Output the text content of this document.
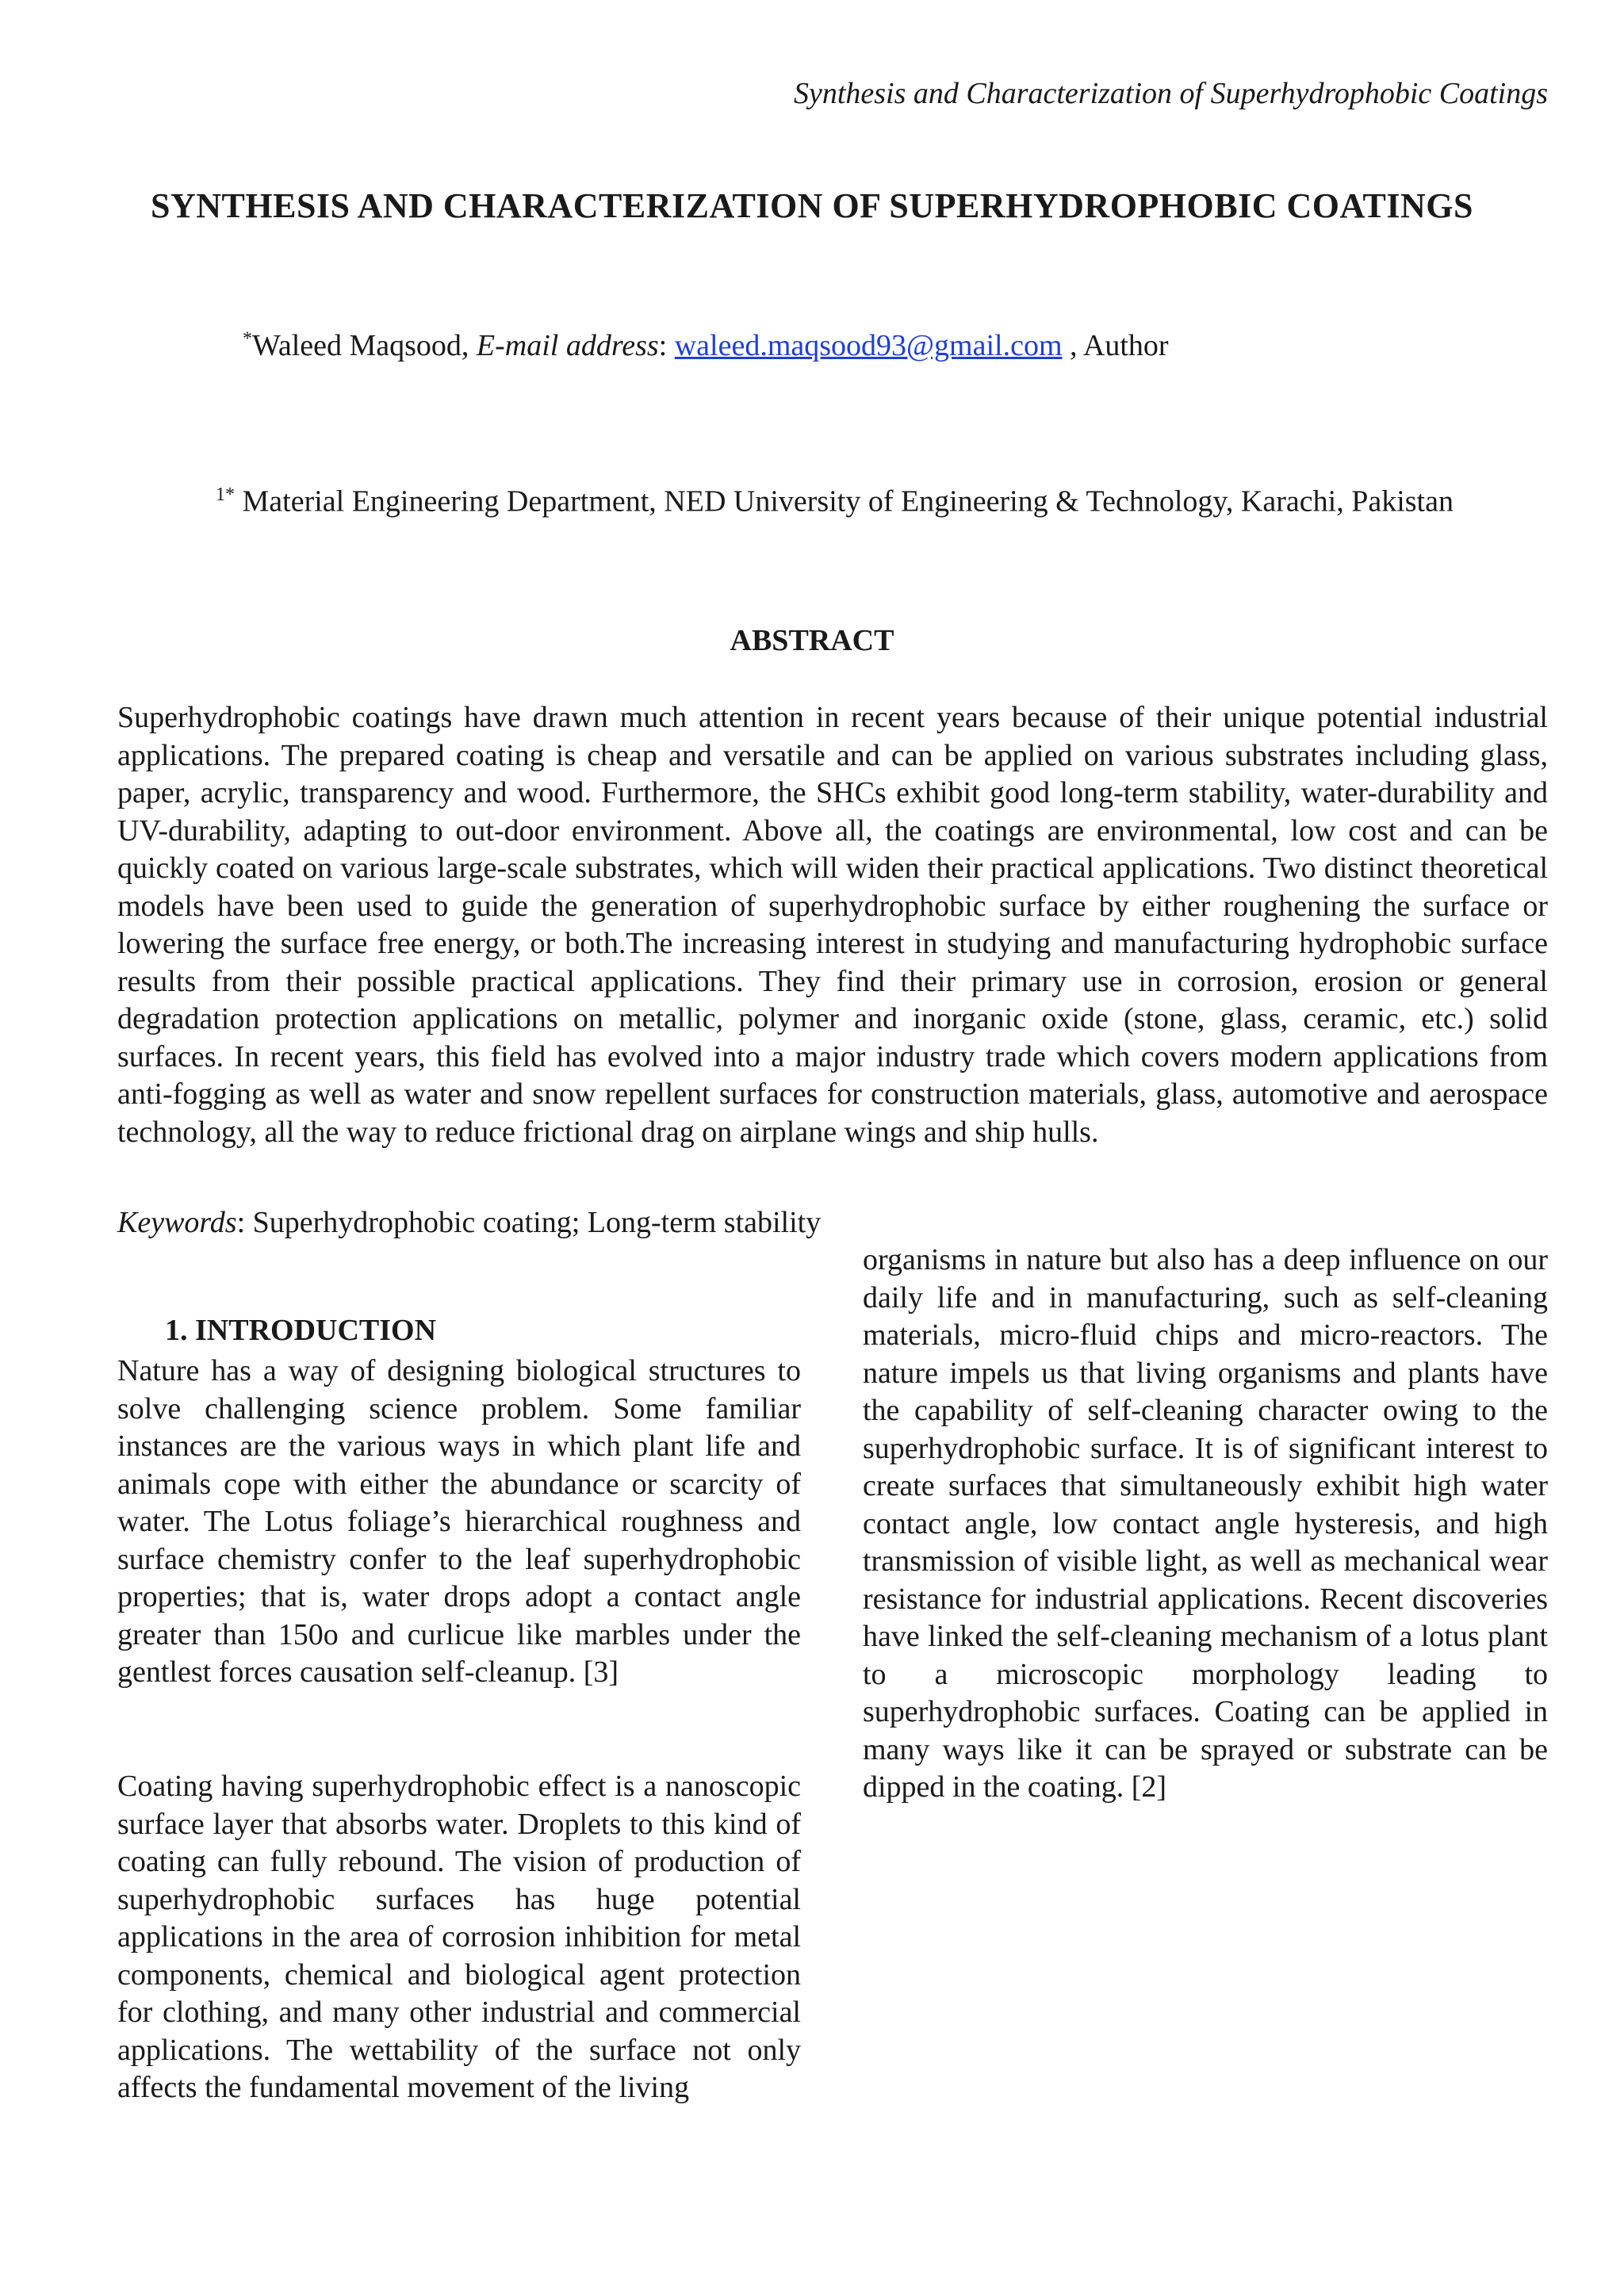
Synthesis and Characterization of Superhydrophobic Coatings
SYNTHESIS AND CHARACTERIZATION OF SUPERHYDROPHOBIC COATINGS
*Waleed Maqsood, E-mail address: waleed.maqsood93@gmail.com , Author
$^{1*}$ Material Engineering Department, NED University of Engineering & Technology, Karachi, Pakistan
ABSTRACT
Superhydrophobic coatings have drawn much attention in recent years because of their unique potential industrial applications. The prepared coating is cheap and versatile and can be applied on various substrates including glass, paper, acrylic, transparency and wood. Furthermore, the SHCs exhibit good long-term stability, water-durability and UV-durability, adapting to out-door environment. Above all, the coatings are environmental, low cost and can be quickly coated on various large-scale substrates, which will widen their practical applications. Two distinct theoretical models have been used to guide the generation of superhydrophobic surface by either roughening the surface or lowering the surface free energy, or both.The increasing interest in studying and manufacturing hydrophobic surface results from their possible practical applications. They find their primary use in corrosion, erosion or general degradation protection applications on metallic, polymer and inorganic oxide (stone, glass, ceramic, etc.) solid surfaces. In recent years, this field has evolved into a major industry trade which covers modern applications from anti-fogging as well as water and snow repellent surfaces for construction materials, glass, automotive and aerospace technology, all the way to reduce frictional drag on airplane wings and ship hulls.
Keywords: Superhydrophobic coating; Long-term stability
1. INTRODUCTION
Nature has a way of designing biological structures to solve challenging science problem. Some familiar instances are the various ways in which plant life and animals cope with either the abundance or scarcity of water. The Lotus foliage’s hierarchical roughness and surface chemistry confer to the leaf superhydrophobic properties; that is, water drops adopt a contact angle greater than 150o and curlicue like marbles under the gentlest forces causation self-cleanup. [3]
Coating having superhydrophobic effect is a nanoscopic surface layer that absorbs water. Droplets to this kind of coating can fully rebound. The vision of production of superhydrophobic surfaces has huge potential applications in the area of corrosion inhibition for metal components, chemical and biological agent protection for clothing, and many other industrial and commercial applications. The wettability of the surface not only affects the fundamental movement of the living
organisms in nature but also has a deep influence on our daily life and in manufacturing, such as self-cleaning materials, micro-fluid chips and micro-reactors. The nature impels us that living organisms and plants have the capability of self-cleaning character owing to the superhydrophobic surface. It is of significant interest to create surfaces that simultaneously exhibit high water contact angle, low contact angle hysteresis, and high transmission of visible light, as well as mechanical wear resistance for industrial applications. Recent discoveries have linked the self-cleaning mechanism of a lotus plant to a microscopic morphology leading to superhydrophobic surfaces. Coating can be applied in many ways like it can be sprayed or substrate can be dipped in the coating. [2]
